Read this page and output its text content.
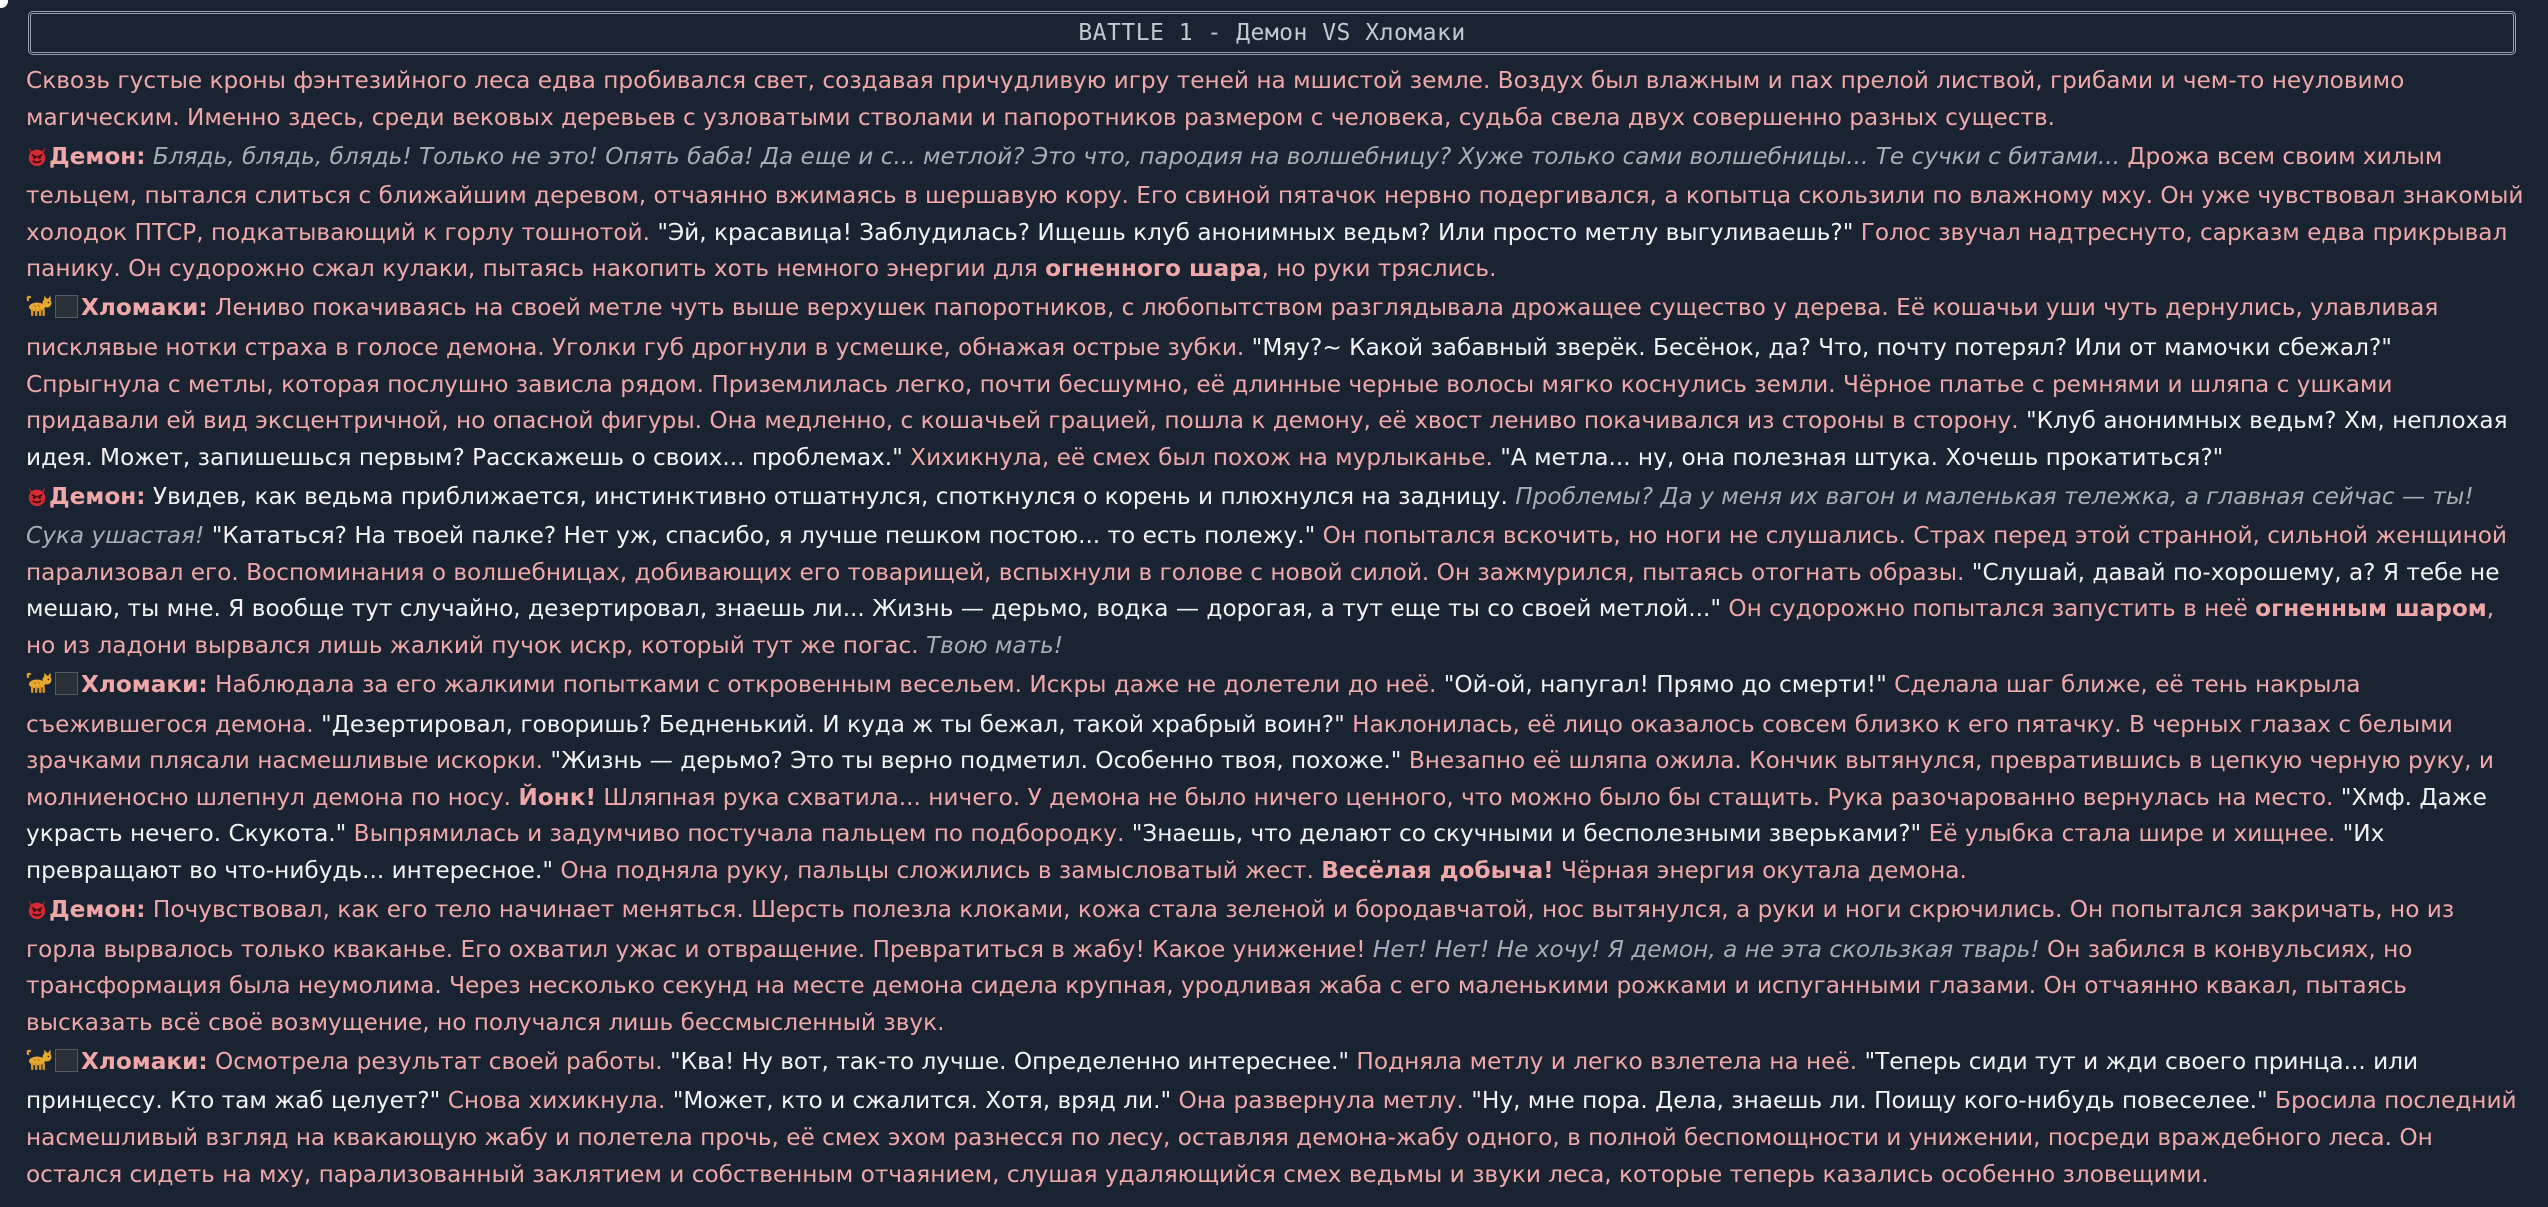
BATTLE 1 - Демон VS Хломаки

Сквозь густые кроны фэнтезийного леса едва пробивался свет, создавая причудливую игру теней на мшистой земле. Воздух был влажным и пах прелой листвой, грибами и чем-то неуловимо магическим. Именно здесь, среди вековых деревьев с узловатыми стволами и папоротников размером с человека, судьба свела двух совершенно разных существ.

Демон: Блядь, блядь, блядь! Только не это! Опять баба! Да еще и с... метлой? Это что, пародия на волшебницу? Хуже только сами волшебницы... Те сучки с битами... Дрожа всем своим хилым тельцем, пытался слиться с ближайшим деревом, отчаянно вжимаясь в шершавую кору. Его свиной пятачок нервно подергивался, а копытца скользили по влажному мху. Он уже чувствовал знакомый холодок ПТСР, подкатывающий к горлу тошнотой. "Эй, красавица! Заблудилась? Ищешь клуб анонимных ведьм? Или просто метлу выгуливаешь?" Голос звучал надтреснуто, сарказм едва прикрывал панику. Он судорожно сжал кулаки, пытаясь накопить хоть немного энергии для огненного шара, но руки тряслись.

Хломаки: Лениво покачиваясь на своей метле чуть выше верхушек папоротников, с любопытством разглядывала дрожащее существо у дерева. Её кошачьи уши чуть дернулись, улавливая писклявые нотки страха в голосе демона. Уголки губ дрогнули в усмешке, обнажая острые зубки. "Мяу?~ Какой забавный зверёк. Бесёнок, да? Что, почту потерял? Или от мамочки сбежал?" Спрыгнула с метлы, которая послушно зависла рядом. Приземлилась легко, почти бесшумно, её длинные черные волосы мягко коснулись земли. Чёрное платье с ремнями и шляпа с ушками придавали ей вид эксцентричной, но опасной фигуры. Она медленно, с кошачьей грацией, пошла к демону, её хвост лениво покачивался из стороны в сторону. "Клуб анонимных ведьм? Хм, неплохая идея. Может, запишешься первым? Расскажешь о своих... проблемах." Хихикнула, её смех был похож на мурлыканье. "А метла... ну, она полезная штука. Хочешь прокатиться?"

Демон: Увидев, как ведьма приближается, инстинктивно отшатнулся, споткнулся о корень и плюхнулся на задницу. Проблемы? Да у меня их вагон и маленькая тележка, а главная сейчас — ты! Сука ушастая! "Кататься? На твоей палке? Нет уж, спасибо, я лучше пешком постою... то есть полежу." Он попытался вскочить, но ноги не слушались. Страх перед этой странной, сильной женщиной парализовал его. Воспоминания о волшебницах, добивающих его товарищей, вспыхнули в голове с новой силой. Он зажмурился, пытаясь отогнать образы. "Слушай, давай по-хорошему, а? Я тебе не мешаю, ты мне. Я вообще тут случайно, дезертировал, знаешь ли... Жизнь — дерьмо, водка — дорогая, а тут еще ты со своей метлой..." Он судорожно попытался запустить в неё огненным шаром, но из ладони вырвался лишь жалкий пучок искр, который тут же погас. Твою мать!

Хломаки: Наблюдала за его жалкими попытками с откровенным весельем. Искры даже не долетели до неё. "Ой-ой, напугал! Прямо до смерти!" Сделала шаг ближе, её тень накрыла съежившегося демона. "Дезертировал, говоришь? Бедненький. И куда ж ты бежал, такой храбрый воин?" Наклонилась, её лицо оказалось совсем близко к его пятачку. В черных глазах с белыми зрачками плясали насмешливые искорки. "Жизнь — дерьмо? Это ты верно подметил. Особенно твоя, похоже." Внезапно её шляпа ожила. Кончик вытянулся, превратившись в цепкую черную руку, и молниеносно шлепнул демона по носу. Йонк! Шляпная рука схватила... ничего. У демона не было ничего ценного, что можно было бы стащить. Рука разочарованно вернулась на место. "Хмф. Даже украсть нечего. Скукота." Выпрямилась и задумчиво постучала пальцем по подбородку. "Знаешь, что делают со скучными и бесполезными зверьками?" Её улыбка стала шире и хищнее. "Их превращают во что-нибудь... интересное." Она подняла руку, пальцы сложились в замысловатый жест. Весёлая добыча! Чёрная энергия окутала демона.

Демон: Почувствовал, как его тело начинает меняться. Шерсть полезла клоками, кожа стала зеленой и бородавчатой, нос вытянулся, а руки и ноги скрючились. Он попытался закричать, но из горла вырвалось только кваканье. Его охватил ужас и отвращение. Превратиться в жабу! Какое унижение! Нет! Нет! Не хочу! Я демон, а не эта скользкая тварь! Он забился в конвульсиях, но трансформация была неумолима. Через несколько секунд на месте демона сидела крупная, уродливая жаба с его маленькими рожками и испуганными глазами. Он отчаянно квакал, пытаясь высказать всё своё возмущение, но получался лишь бессмысленный звук.

Хломаки: Осмотрела результат своей работы. "Ква! Ну вот, так-то лучше. Определенно интереснее." Подняла метлу и легко взлетела на неё. "Теперь сиди тут и жди своего принца... или принцессу. Кто там жаб целует?" Снова хихикнула. "Может, кто и сжалится. Хотя, вряд ли." Она развернула метлу. "Ну, мне пора. Дела, знаешь ли. Поищу кого-нибудь повеселее." Бросила последний насмешливый взгляд на квакающую жабу и полетела прочь, её смех эхом разнесся по лесу, оставляя демона-жабу одного, в полной беспомощности и унижении, посреди враждебного леса. Он остался сидеть на мху, парализованный заклятием и собственным отчаянием, слушая удаляющийся смех ведьмы и звуки леса, которые теперь казались особенно зловещими.
